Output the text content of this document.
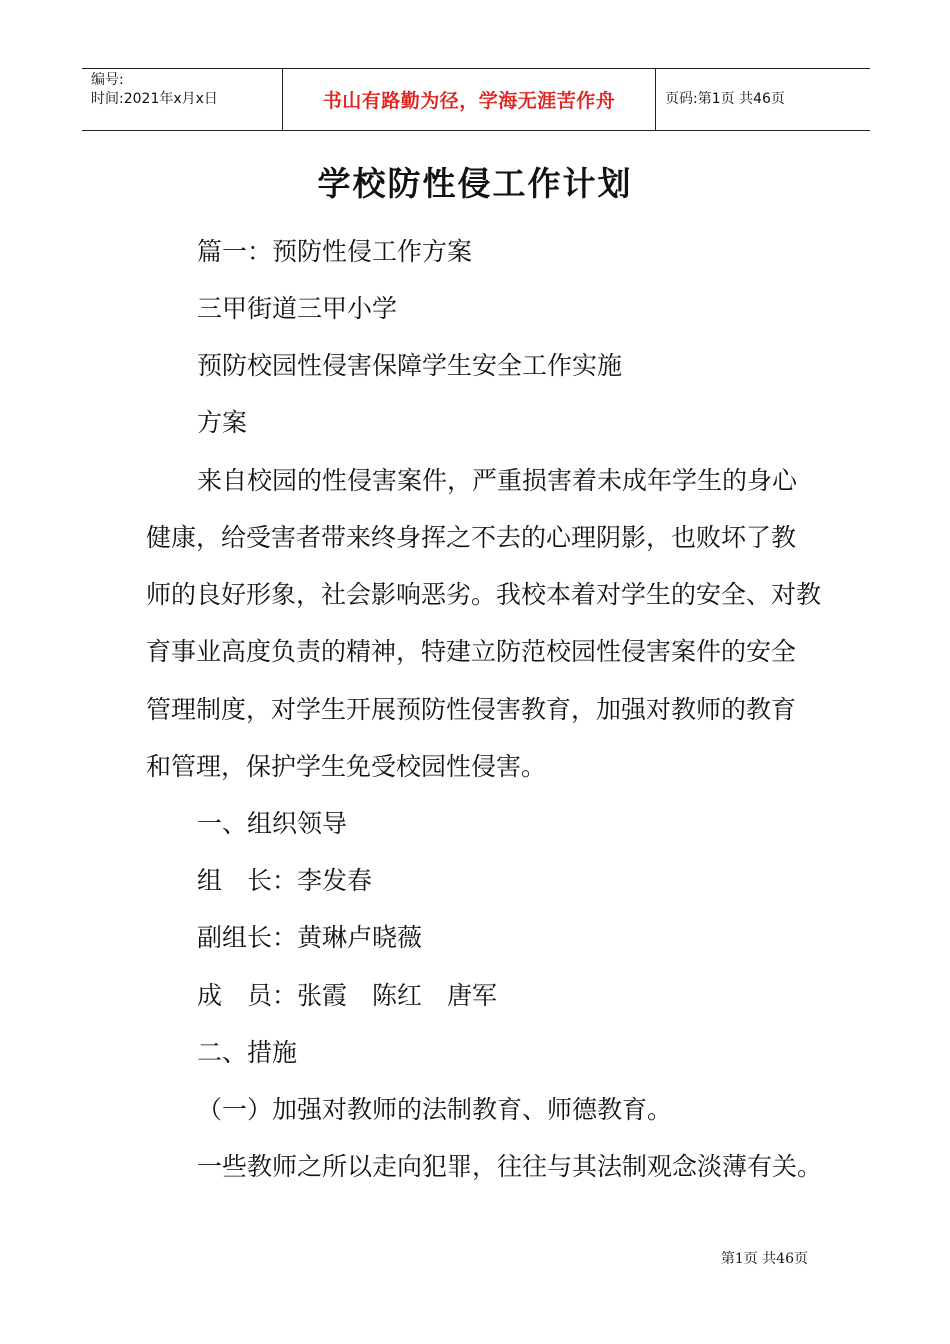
编号:
时间:2021年x月x日	书山有路勤为径，学海无涯苦作舟	页码:第1页 共46页
学校防性侵工作计划
篇一：预防性侵工作方案
三甲街道三甲小学
预防校园性侵害保障学生安全工作实施
方案
来自校园的性侵害案件，严重损害着未成年学生的身心
健康，给受害者带来终身挥之不去的心理阴影，也败坏了教
师的良好形象，社会影响恶劣。我校本着对学生的安全、对教
育事业高度负责的精神，特建立防范校园性侵害案件的安全
管理制度，对学生开展预防性侵害教育，加强对教师的教育
和管理，保护学生免受校园性侵害。
一、组织领导
组　长：李发春
副组长：黄琳卢晓薇
成　员：张霞　陈红　唐军
二、措施
（一）加强对教师的法制教育、师德教育。
一些教师之所以走向犯罪，往往与其法制观念淡薄有关。
第1页 共46页
